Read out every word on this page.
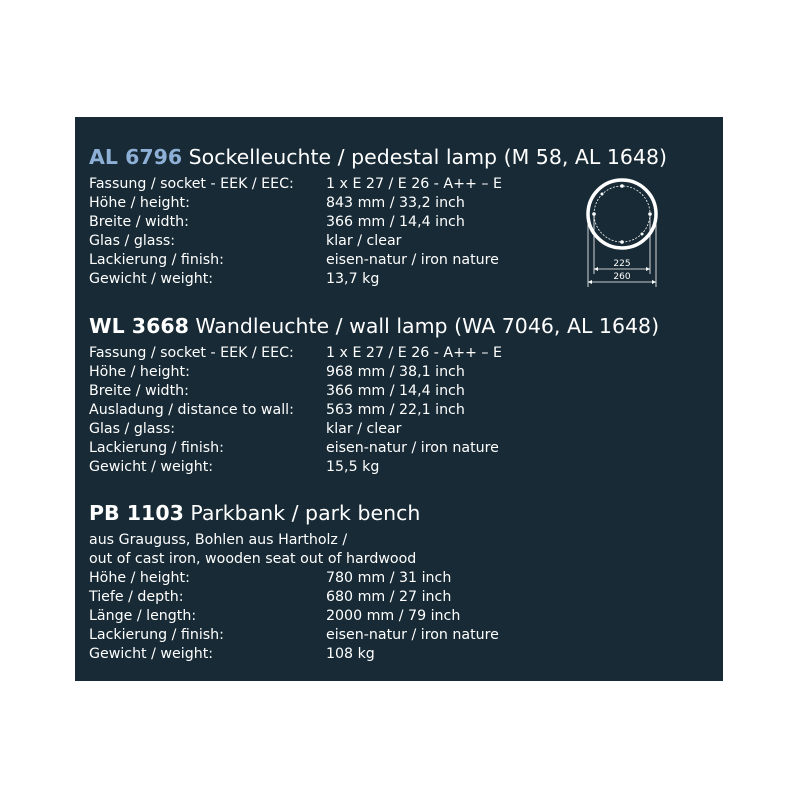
AL 6796 Sockelleuchte / pedestal lamp (M 58, AL 1648)
Fassung / socket - EEK / EEC:	1 x E 27 / E 26 - A++ – E
Höhe / height:	843 mm / 33,2 inch
Breite / width:	366 mm / 14,4 inch
Glas / glass:	klar / clear
Lackierung / finish:	eisen-natur / iron nature
Gewicht / weight:	13,7 kg
225
260
WL 3668 Wandleuchte / wall lamp (WA 7046, AL 1648)
Fassung / socket - EEK / EEC:	1 x E 27 / E 26 - A++ – E
Höhe / height:	968 mm / 38,1 inch
Breite / width:	366 mm / 14,4 inch
Ausladung / distance to wall:	563 mm / 22,1 inch
Glas / glass:	klar / clear
Lackierung / finish:	eisen-natur / iron nature
Gewicht / weight:	15,5 kg
PB 1103 Parkbank / park bench
aus Grauguss, Bohlen aus Hartholz /
out of cast iron, wooden seat out of hardwood
Höhe / height:	780 mm / 31 inch
Tiefe / depth:	680 mm / 27 inch
Länge / length:	2000 mm / 79 inch
Lackierung / finish:	eisen-natur / iron nature
Gewicht / weight:	108 kg
